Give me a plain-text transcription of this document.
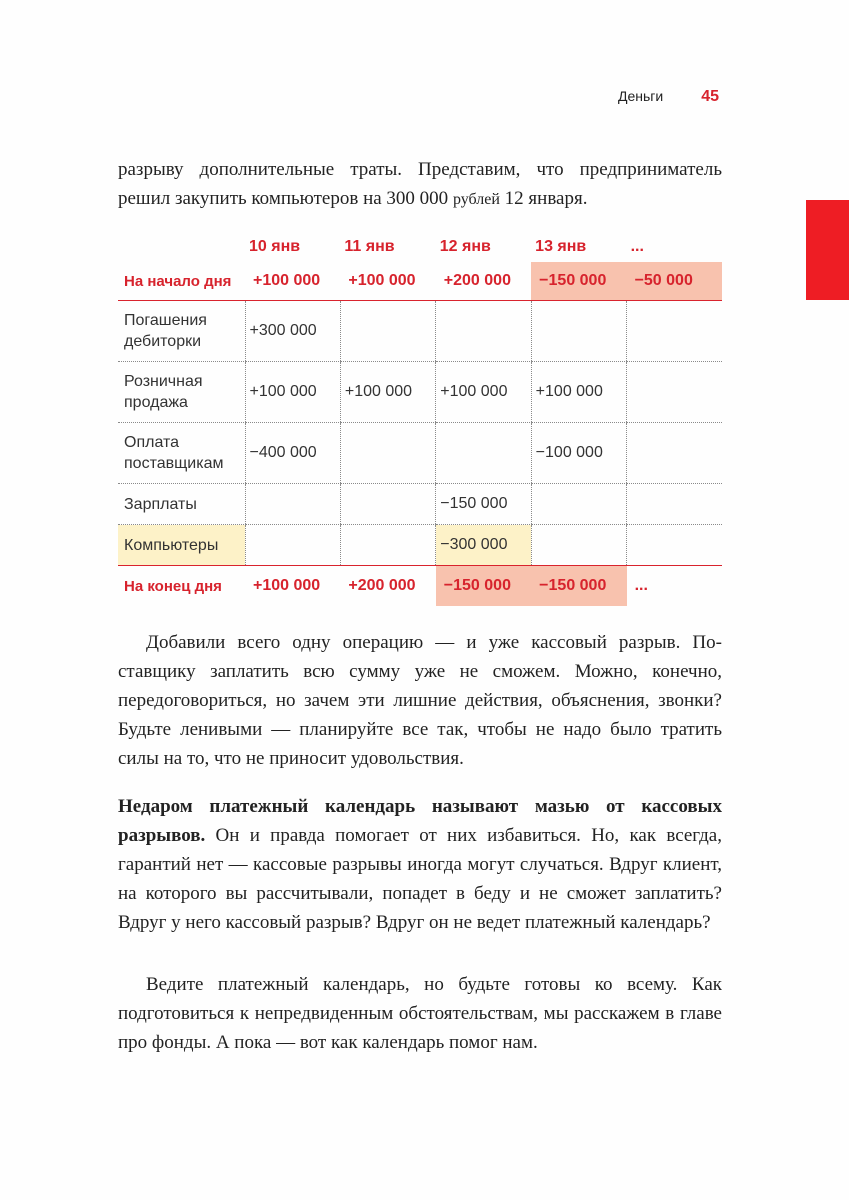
Деньги 45

разрыву дополнительные траты. Представим, что предприниматель решил закупить компьютеров на 300 000 рублей 12 января.

	10 янв	11 янв	12 янв	13 янв	...
На начало дня	+100 000	+100 000	+200 000	−150 000	−50 000
Погашения дебиторки	+300 000				
Розничная продажа	+100 000	+100 000	+100 000	+100 000	
Оплата поставщикам	−400 000			−100 000	
Зарплаты			−150 000		
Компьютеры			−300 000		
На конец дня	+100 000	+200 000	−150 000	−150 000	...

Добавили всего одну операцию — и уже кассовый разрыв. Поставщику заплатить всю сумму уже не сможем. Можно, конечно, передоговориться, но зачем эти лишние действия, объяснения, звонки? Будьте ленивыми — планируйте все так, чтобы не надо было тратить силы на то, что не приносит удовольствия.

Недаром платежный календарь называют мазью от кассовых разрывов. Он и правда помогает от них избавиться. Но, как всегда, гарантий нет — кассовые разрывы иногда могут случаться. Вдруг клиент, на которого вы рассчитывали, попадет в беду и не сможет заплатить? Вдруг у него кассовый разрыв? Вдруг он не ведет платежный календарь?

Ведите платежный календарь, но будьте готовы ко всему. Как подготовиться к непредвиденным обстоятельствам, мы расскажем в главе про фонды. А пока — вот как календарь помог нам.
